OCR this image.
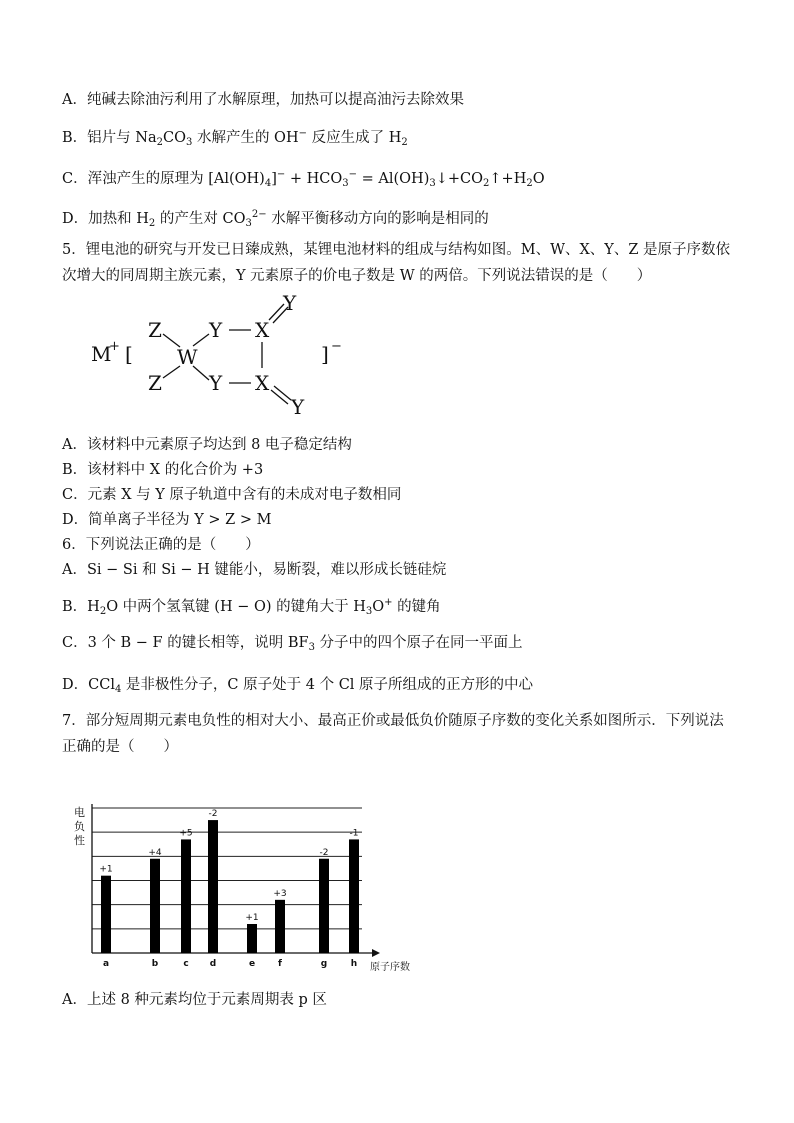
A．纯碱去除油污利用了水解原理，加热可以提高油污去除效果
B．铝片与 $Na_2CO_3$ 水解产生的 OH− 反应生成了 $H_2$
C．浑浊产生的原理为 $[Al(OH)_4]^- + HCO_3^-$ = $Al(OH)_3↓+CO_2↑+H_2O$
D．加热和 $H_2$ 的产生对 $CO_3^{2-}$ 水解平衡移动方向的影响是相同的
5．锂电池的研究与开发已日臻成熟，某锂电池材料的组成与结构如图。M、W、X、Y、Z 是原子序数依次增大的同周期主族元素，Y 元素原子的价电子数是 W 的两倍。下列说法错误的是（　　）
M
+ [
Z
Z
W
Y
Y
X
X
Y
Y
] −
A．该材料中元素原子均达到 8 电子稳定结构
B．该材料中 X 的化合价为 +3
C．元素 X 与 Y 原子轨道中含有的未成对电子数相同
D．简单离子半径为 Y > Z > M
6．下列说法正确的是（　　）
A．Si − Si 和 Si − H 键能小，易断裂，难以形成长链硅烷
B．$H_2O$ 中两个氢氧键 (H − O) 的键角大于 $H_3O^+$ 的键角
C．3 个 B − F 的键长相等，说明 $BF_3$ 分子中的四个原子在同一平面上
D．CCl$_4$ 是非极性分子，C 原子处于 4 个 Cl 原子所组成的正方形的中心
7．部分短周期元素电负性的相对大小、最高正价或最低负价随原子序数的变化关系如图所示．下列说法正确的是（　　）
电
负
性
原子序数
+1
a
+4
b
+5
c
-2
d
+1
e
+3
f
-2
g
-1
h
A．上述 8 种元素均位于元素周期表 p 区
